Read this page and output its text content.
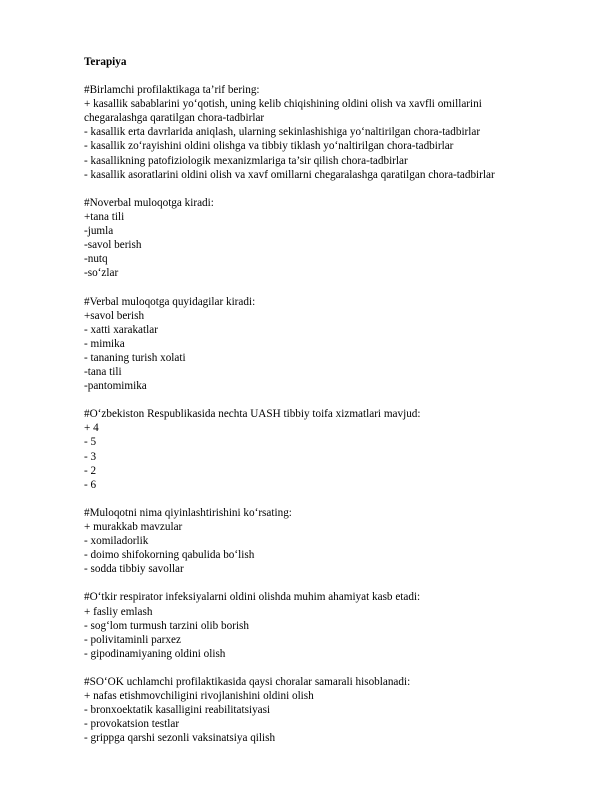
Terapiya
#Birlamchi profilaktikaga ta’rif bering:
+ kasallik sabablarini yo‘qotish, uning kelib chiqishining oldini olish va xavfli omillarini
chegaralashga qaratilgan chora-tadbirlar
- kasallik erta davrlarida aniqlash, ularning sekinlashishiga yo‘naltirilgan chora-tadbirlar
- kasallik zo‘rayishini oldini olishga va tibbiy tiklash yo‘naltirilgan chora-tadbirlar
- kasallikning patofiziologik mexanizmlariga ta’sir qilish chora-tadbirlar
- kasallik asoratlarini oldini olish va xavf omillarni chegaralashga qaratilgan chora-tadbirlar
#Noverbal muloqotga kiradi:
+tana tili
-jumla
-savol berish
-nutq
-so‘zlar
#Verbal muloqotga quyidagilar kiradi:
+savol berish
- xatti xarakatlar
- mimika
- tananing turish xolati
-tana tili
-pantomimika
#O‘zbekiston Respublikasida nechta UASH tibbiy toifa xizmatlari mavjud:
+ 4
- 5
- 3
- 2
- 6
#Muloqotni nima qiyinlashtirishini ko‘rsating:
+ murakkab mavzular
- xomiladorlik
- doimo shifokorning qabulida bo‘lish
- sodda tibbiy savollar
#O‘tkir respirator infeksiyalarni oldini olishda muhim ahamiyat kasb etadi:
+ fasliy emlash
- sog‘lom turmush tarzini olib borish
- polivitaminli parxez
- gipodinamiyaning oldini olish
#SO‘OK uchlamchi profilaktikasida qaysi choralar samarali hisoblanadi:
+ nafas etishmovchiligini rivojlanishini oldini olish
- bronxoektatik kasalligini reabilitatsiyasi
- provokatsion testlar
- grippga qarshi sezonli vaksinatsiya qilish
